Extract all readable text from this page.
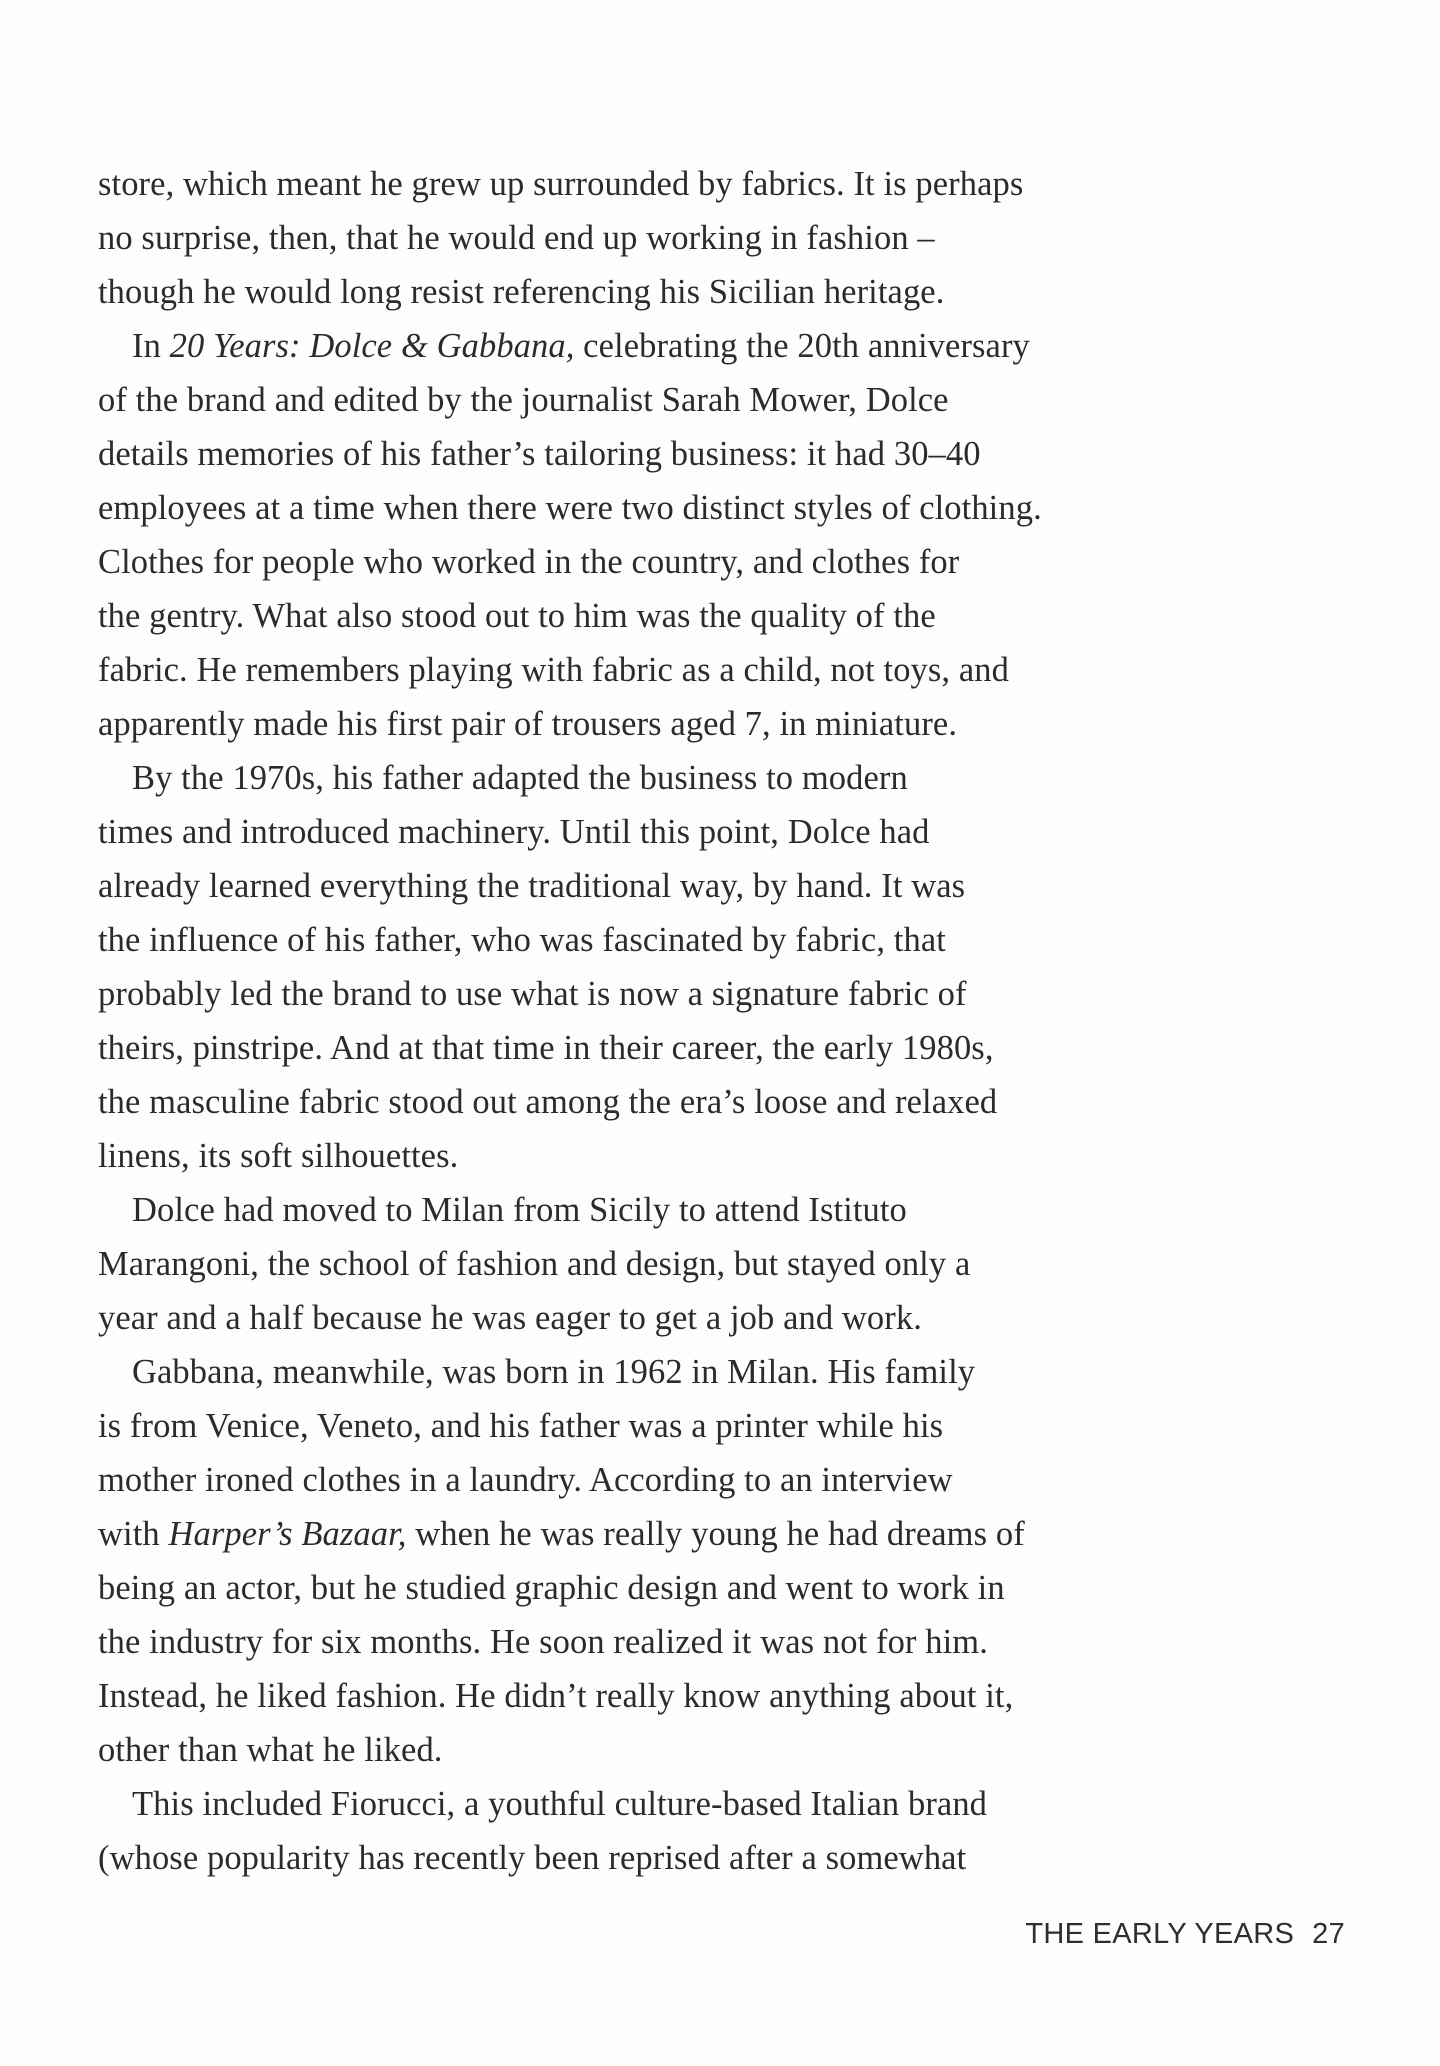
store, which meant he grew up surrounded by fabrics. It is perhaps
no surprise, then, that he would end up working in fashion –
though he would long resist referencing his Sicilian heritage.

In 20 Years: Dolce & Gabbana, celebrating the 20th anniversary
of the brand and edited by the journalist Sarah Mower, Dolce
details memories of his father’s tailoring business: it had 30–40
employees at a time when there were two distinct styles of clothing.
Clothes for people who worked in the country, and clothes for
the gentry. What also stood out to him was the quality of the
fabric. He remembers playing with fabric as a child, not toys, and
apparently made his first pair of trousers aged 7, in miniature.

By the 1970s, his father adapted the business to modern
times and introduced machinery. Until this point, Dolce had
already learned everything the traditional way, by hand. It was
the influence of his father, who was fascinated by fabric, that
probably led the brand to use what is now a signature fabric of
theirs, pinstripe. And at that time in their career, the early 1980s,
the masculine fabric stood out among the era’s loose and relaxed
linens, its soft silhouettes.

Dolce had moved to Milan from Sicily to attend Istituto
Marangoni, the school of fashion and design, but stayed only a
year and a half because he was eager to get a job and work.

Gabbana, meanwhile, was born in 1962 in Milan. His family
is from Venice, Veneto, and his father was a printer while his
mother ironed clothes in a laundry. According to an interview
with Harper’s Bazaar, when he was really young he had dreams of
being an actor, but he studied graphic design and went to work in
the industry for six months. He soon realized it was not for him.
Instead, he liked fashion. He didn’t really know anything about it,
other than what he liked.

This included Fiorucci, a youthful culture-based Italian brand
(whose popularity has recently been reprised after a somewhat

THE EARLY YEARS 27
